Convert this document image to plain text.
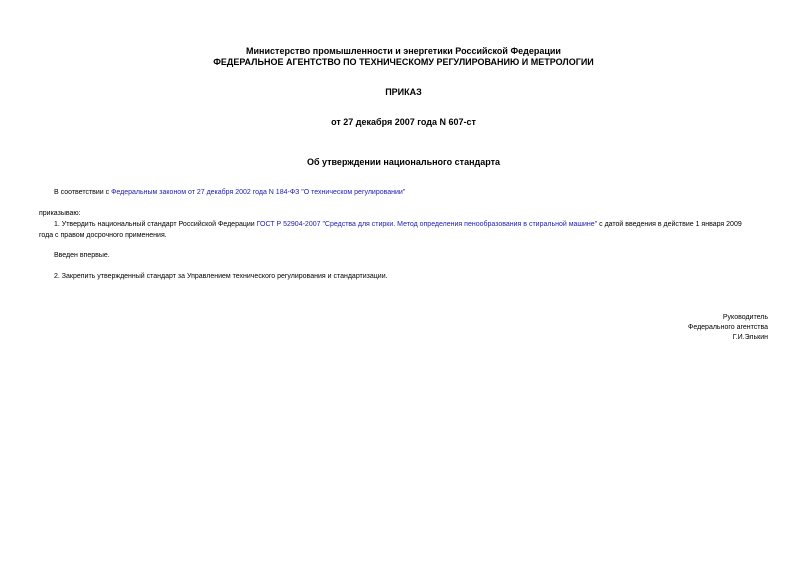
Министерство промышленности и энергетики Российской Федерации
ФЕДЕРАЛЬНОЕ АГЕНТСТВО ПО ТЕХНИЧЕСКОМУ РЕГУЛИРОВАНИЮ И МЕТРОЛОГИИ
ПРИКАЗ
от 27 декабря 2007 года N 607-ст
Об утверждении национального стандарта
В соответствии с Федеральным законом от 27 декабря 2002 года N 184-ФЗ "О техническом регулировании"
приказываю:
1. Утвердить национальный стандарт Российской Федерации ГОСТ Р 52904-2007 "Средства для стирки. Метод определения пенообразования в стиральной машине" с датой введения в действие 1 января 2009
года с правом досрочного применения.
Введен впервые.
2. Закрепить утвержденный стандарт за Управлением технического регулирования и стандартизации.
Руководитель
Федерального агентства
Г.И.Элькин
